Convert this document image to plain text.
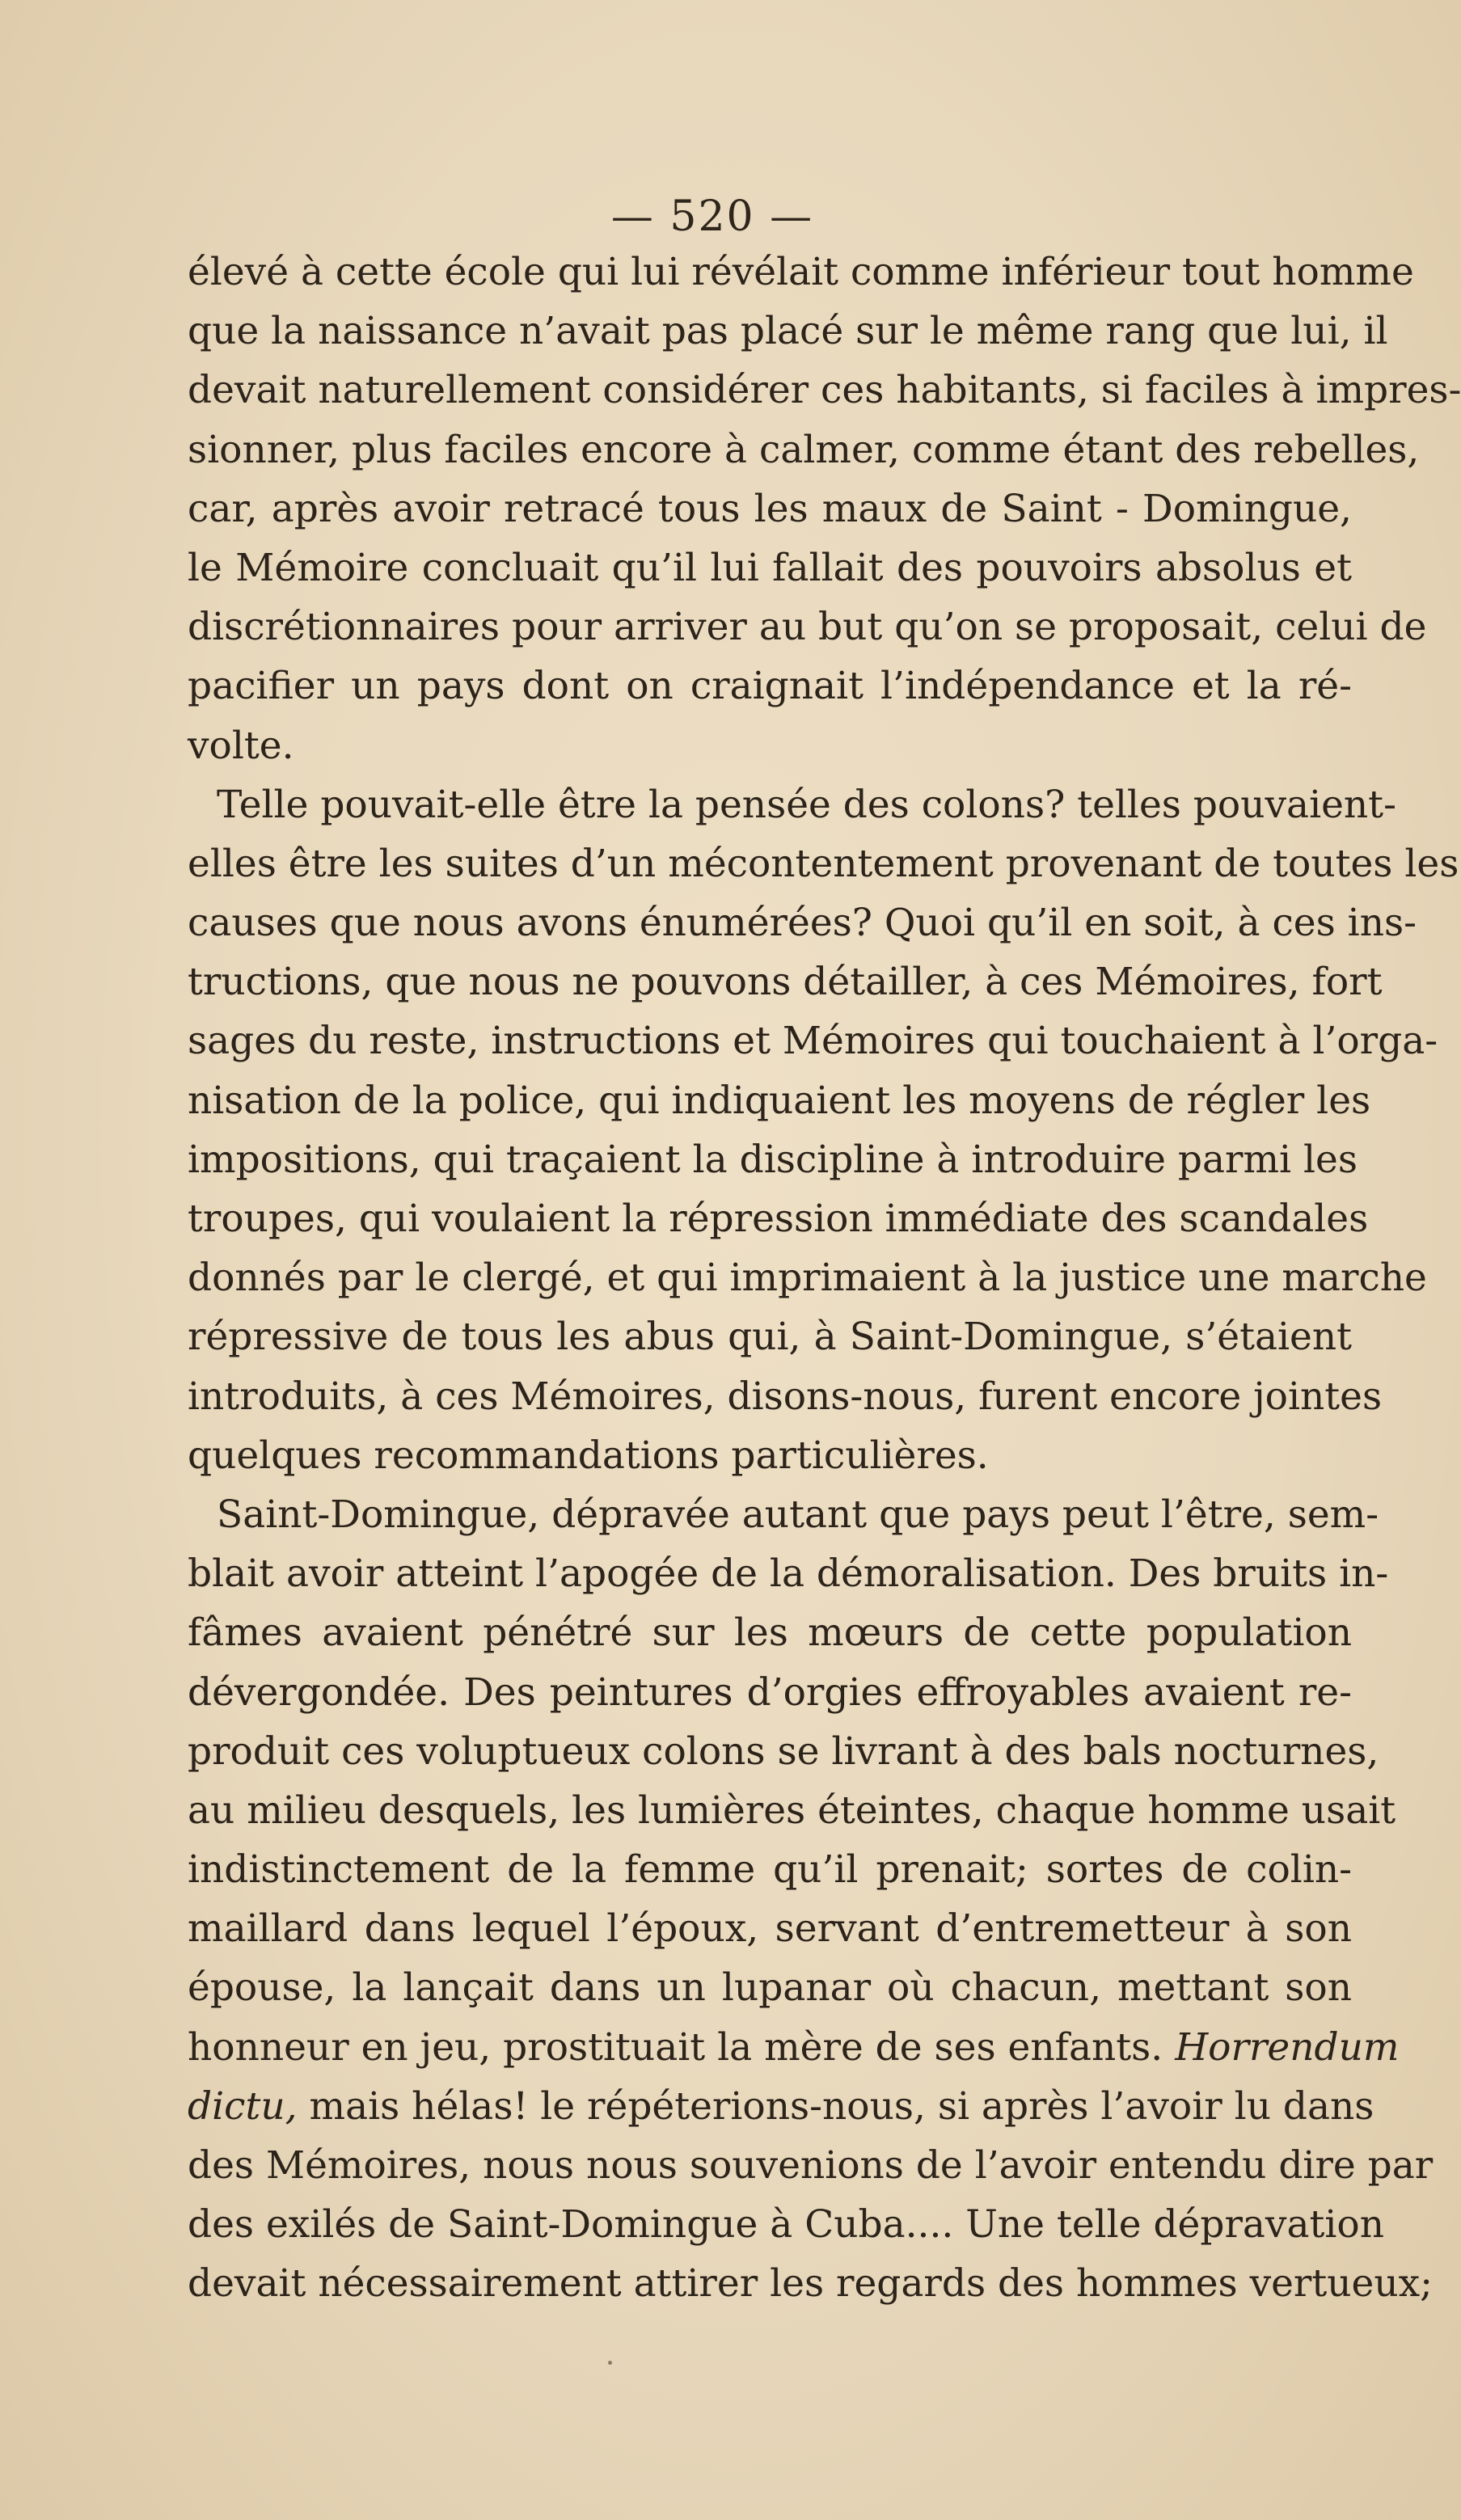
— 520 —
élevé à cette école qui lui révélait comme inférieur tout homme
que la naissance n’avait pas placé sur le même rang que lui, il
devait naturellement considérer ces habitants, si faciles à impres-
sionner, plus faciles encore à calmer, comme étant des rebelles,
car, après avoir retracé tous les maux de Saint - Domingue,
le Mémoire concluait qu’il lui fallait des pouvoirs absolus et
discrétionnaires pour arriver au but qu’on se proposait, celui de
pacifier un pays dont on craignait l’indépendance et la ré-
volte.
Telle pouvait-elle être la pensée des colons? telles pouvaient-
elles être les suites d’un mécontentement provenant de toutes les
causes que nous avons énumérées? Quoi qu’il en soit, à ces ins-
tructions, que nous ne pouvons détailler, à ces Mémoires, fort
sages du reste, instructions et Mémoires qui touchaient à l’orga-
nisation de la police, qui indiquaient les moyens de régler les
impositions, qui traçaient la discipline à introduire parmi les
troupes, qui voulaient la répression immédiate des scandales
donnés par le clergé, et qui imprimaient à la justice une marche
répressive de tous les abus qui, à Saint-Domingue, s’étaient
introduits, à ces Mémoires, disons-nous, furent encore jointes
quelques recommandations particulières.
Saint-Domingue, dépravée autant que pays peut l’être, sem-
blait avoir atteint l’apogée de la démoralisation. Des bruits in-
fâmes avaient pénétré sur les mœurs de cette population
dévergondée. Des peintures d’orgies effroyables avaient re-
produit ces voluptueux colons se livrant à des bals nocturnes,
au milieu desquels, les lumières éteintes, chaque homme usait
indistinctement de la femme qu’il prenait; sortes de colin-
maillard dans lequel l’époux, servant d’entremetteur à son
épouse, la lançait dans un lupanar où chacun, mettant son
honneur en jeu, prostituait la mère de ses enfants. Horrendum
dictu, mais hélas! le répéterions-nous, si après l’avoir lu dans
des Mémoires, nous nous souvenions de l’avoir entendu dire par
des exilés de Saint-Domingue à Cuba.... Une telle dépravation
devait nécessairement attirer les regards des hommes vertueux;
